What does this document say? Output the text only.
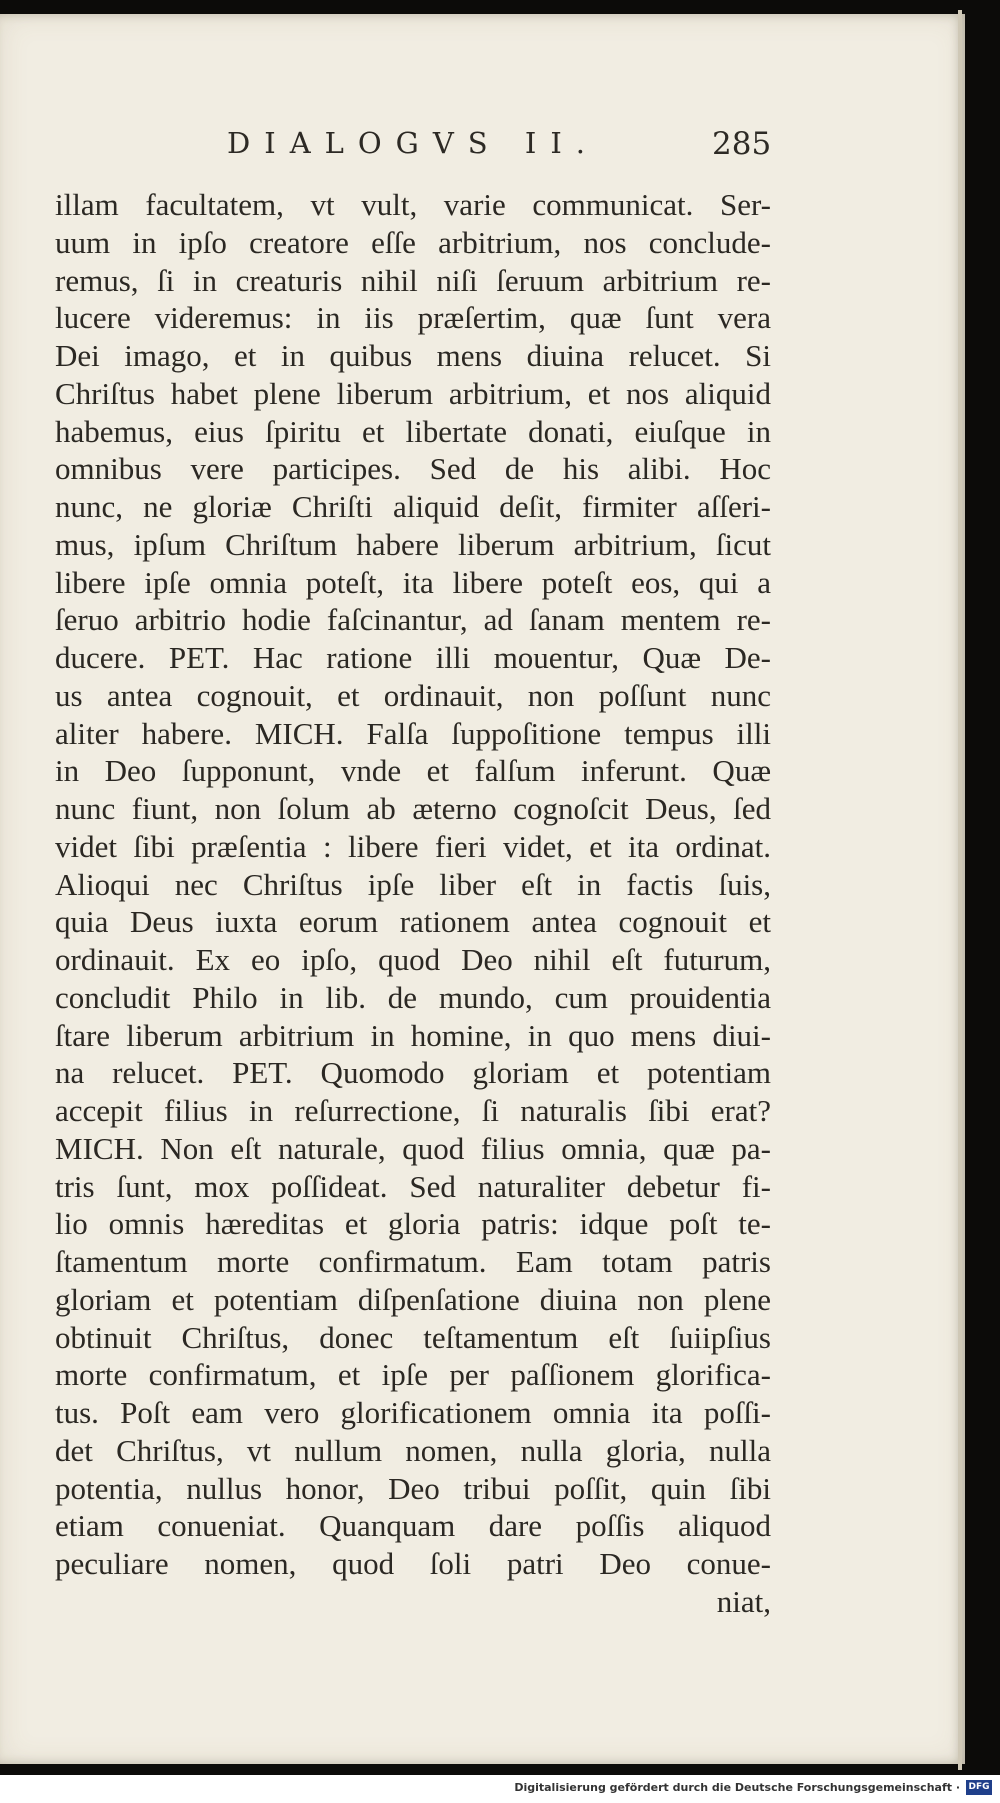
DIALOGVS II.	285
illam facultatem, vt vult, varie communicat. Ser-
uum in ipſo creatore eſſe arbitrium, nos conclude-
remus, ſi in creaturis nihil niſi ſeruum arbitrium re-
lucere videremus: in iis præſertim, quæ ſunt vera
Dei imago, et in quibus mens diuina relucet. Si
Chriſtus habet plene liberum arbitrium, et nos aliquid
habemus, eius ſpiritu et libertate donati, eiuſque in
omnibus vere participes. Sed de his alibi. Hoc
nunc, ne gloriæ Chriſti aliquid deſit, firmiter aſſeri-
mus, ipſum Chriſtum habere liberum arbitrium, ſicut
libere ipſe omnia poteſt, ita libere poteſt eos, qui a
ſeruo arbitrio hodie faſcinantur, ad ſanam mentem re-
ducere. PET. Hac ratione illi mouentur, Quæ De-
us antea cognouit, et ordinauit, non poſſunt nunc
aliter habere. MICH. Falſa ſuppoſitione tempus illi
in Deo ſupponunt, vnde et falſum inferunt. Quæ
nunc fiunt, non ſolum ab æterno cognoſcit Deus, ſed
videt ſibi præſentia : libere fieri videt, et ita ordinat.
Alioqui nec Chriſtus ipſe liber eſt in factis ſuis,
quia Deus iuxta eorum rationem antea cognouit et
ordinauit. Ex eo ipſo, quod Deo nihil eſt futurum,
concludit Philo in lib. de mundo, cum prouidentia
ſtare liberum arbitrium in homine, in quo mens diui-
na relucet. PET. Quomodo gloriam et potentiam
accepit filius in reſurrectione, ſi naturalis ſibi erat?
MICH. Non eſt naturale, quod filius omnia, quæ pa-
tris ſunt, mox poſſideat. Sed naturaliter debetur fi-
lio omnis hæreditas et gloria patris: idque poſt te-
ſtamentum morte confirmatum. Eam totam patris
gloriam et potentiam diſpenſatione diuina non plene
obtinuit Chriſtus, donec teſtamentum eſt ſuiipſius
morte confirmatum, et ipſe per paſſionem glorifica-
tus. Poſt eam vero glorificationem omnia ita poſſi-
det Chriſtus, vt nullum nomen, nulla gloria, nulla
potentia, nullus honor, Deo tribui poſſit, quin ſibi
etiam conueniat. Quanquam dare poſſis aliquod
peculiare nomen, quod ſoli patri Deo conue-
niat,
Digitalisierung gefördert durch die Deutsche Forschungsgemeinschaft · DFG
